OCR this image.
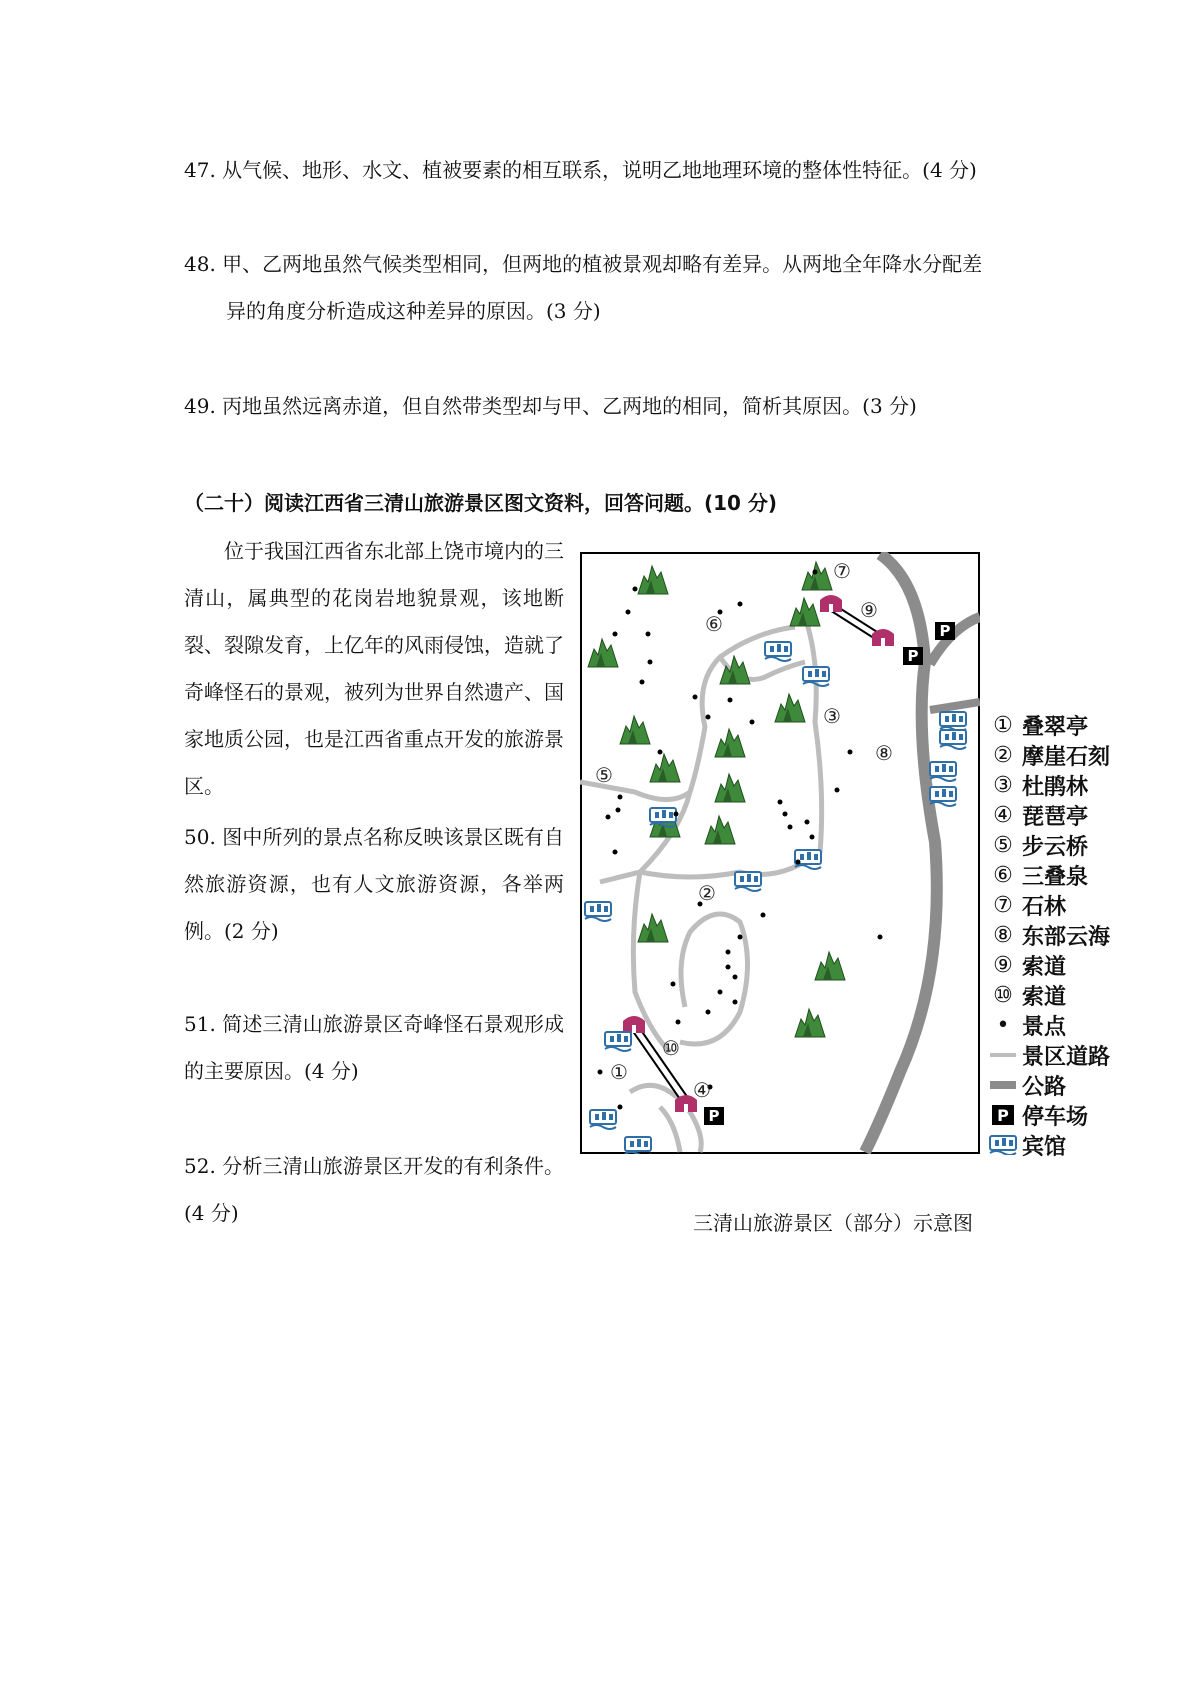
47. 从气候、地形、水文、植被要素的相互联系，说明乙地地理环境的整体性特征。(4 分)
48. 甲、乙两地虽然气候类型相同，但两地的植被景观却略有差异。从两地全年降水分配差
异的角度分析造成这种差异的原因。(3 分)
49. 丙地虽然远离赤道，但自然带类型却与甲、乙两地的相同，简析其原因。(3 分)
（二十）阅读江西省三清山旅游景区图文资料，回答问题。(10 分)
位于我国江西省东北部上饶市境内的三清山，属典型的花岗岩地貌景观，该地断裂、裂隙发育，上亿年的风雨侵蚀，造就了奇峰怪石的景观，被列为世界自然遗产、国家地质公园，也是江西省重点开发的旅游景区。
50. 图中所列的景点名称反映该景区既有自然旅游资源，也有人文旅游资源，各举两例。(2 分)
51. 简述三清山旅游景区奇峰怪石景观形成的主要原因。(4 分)
52. 分析三清山旅游景区开发的有利条件。(4 分)
P
P
P
①
②
③
④
⑤
⑥
⑦
⑧
⑨
⑩
① 叠翠亭
② 摩崖石刻
③ 杜鹃林
④ 琵琶亭
⑤ 步云桥
⑥ 三叠泉
⑦ 石林
⑧ 东部云海
⑨ 索道
⑩ 索道
• 景点
景区道路
公路
P 停车场
宾馆
三清山旅游景区（部分）示意图
